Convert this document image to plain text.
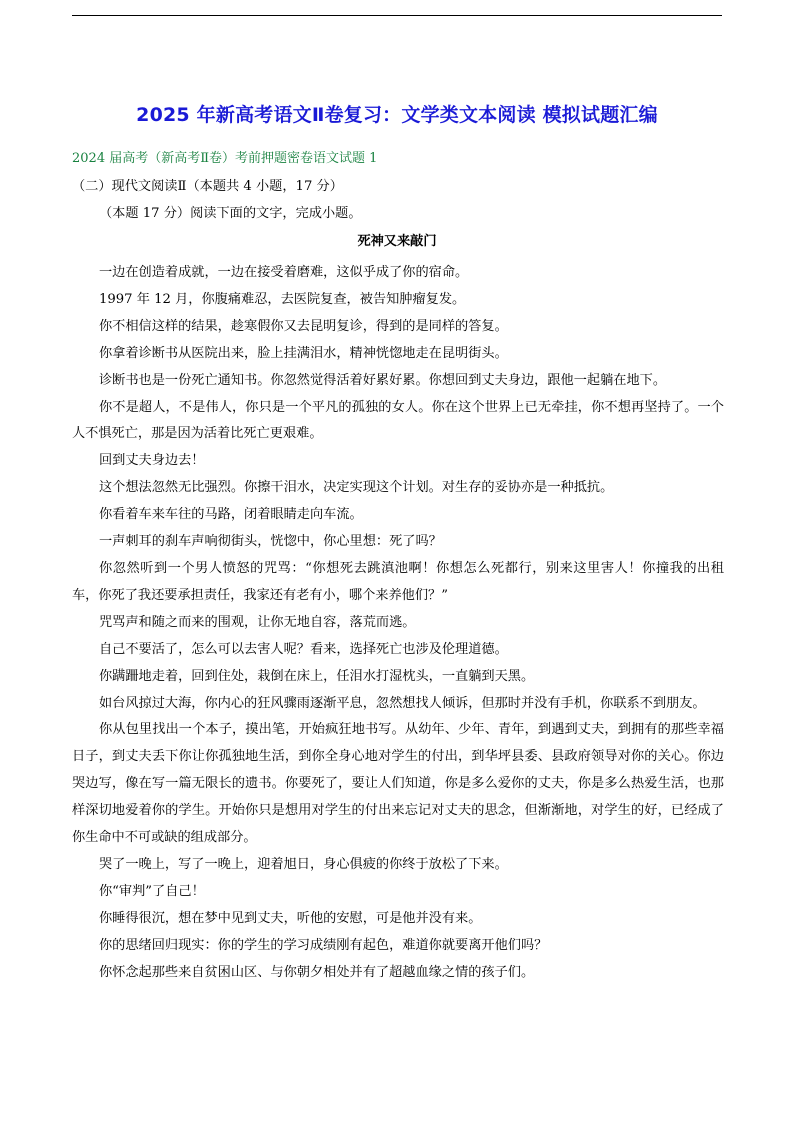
2025 年新高考语文Ⅱ卷复习：文学类文本阅读 模拟试题汇编
2024 届高考（新高考Ⅱ卷）考前押题密卷语文试题 1
（二）现代文阅读Ⅱ（本题共 4 小题，17 分）
（本题 17 分）阅读下面的文字，完成小题。
死神又来敲门

一边在创造着成就，一边在接受着磨难，这似乎成了你的宿命。

1997 年 12 月，你腹痛难忍，去医院复查，被告知肿瘤复发。

你不相信这样的结果，趁寒假你又去昆明复诊，得到的是同样的答复。

你拿着诊断书从医院出来，脸上挂满泪水，精神恍惚地走在昆明街头。

诊断书也是一份死亡通知书。你忽然觉得活着好累好累。你想回到丈夫身边，跟他一起躺在地下。

你不是超人，不是伟人，你只是一个平凡的孤独的女人。你在这个世界上已无牵挂，你不想再坚持了。一个人不惧死亡，那是因为活着比死亡更艰难。

回到丈夫身边去！

这个想法忽然无比强烈。你擦干泪水，决定实现这个计划。对生存的妥协亦是一种抵抗。

你看着车来车往的马路，闭着眼睛走向车流。

一声刺耳的刹车声响彻街头，恍惚中，你心里想：死了吗？

你忽然听到一个男人愤怒的咒骂：“你想死去跳滇池啊！你想怎么死都行，别来这里害人！你撞我的出租车，你死了我还要承担责任，我家还有老有小，哪个来养他们？”

咒骂声和随之而来的围观，让你无地自容，落荒而逃。

自己不要活了，怎么可以去害人呢？看来，选择死亡也涉及伦理道德。

你蹒跚地走着，回到住处，栽倒在床上，任泪水打湿枕头，一直躺到天黑。

如台风掠过大海，你内心的狂风骤雨逐渐平息，忽然想找人倾诉，但那时并没有手机，你联系不到朋友。

你从包里找出一个本子，摸出笔，开始疯狂地书写。从幼年、少年、青年，到遇到丈夫，到拥有的那些幸福日子，到丈夫丢下你让你孤独地生活，到你全身心地对学生的付出，到华坪县委、县政府领导对你的关心。你边哭边写，像在写一篇无限长的遗书。你要死了，要让人们知道，你是多么爱你的丈夫，你是多么热爱生活，也那样深切地爱着你的学生。开始你只是想用对学生的付出来忘记对丈夫的思念，但渐渐地，对学生的好，已经成了你生命中不可或缺的组成部分。

哭了一晚上，写了一晚上，迎着旭日，身心俱疲的你终于放松了下来。

你“审判”了自己！

你睡得很沉，想在梦中见到丈夫，听他的安慰，可是他并没有来。

你的思绪回归现实：你的学生的学习成绩刚有起色，难道你就要离开他们吗？

你怀念起那些来自贫困山区、与你朝夕相处并有了超越血缘之情的孩子们。
